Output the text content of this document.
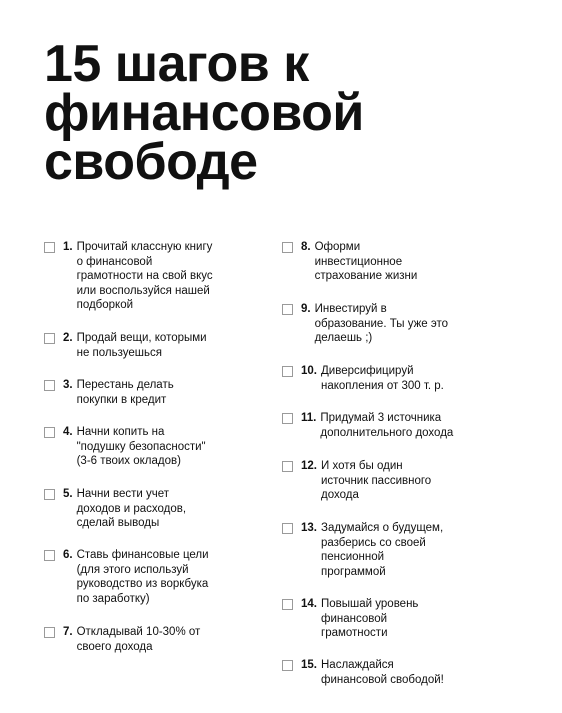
15 шагов к
финансовой
свободе
1. Прочитай классную книгу
о финансовой
грамотности на свой вкус
или воспользуйся нашей
подборкой
2. Продай вещи, которыми
не пользуешься
3. Перестань делать
покупки в кредит
4. Начни копить на
"подушку безопасности"
(3-6 твоих окладов)
5. Начни вести учет
доходов и расходов,
сделай выводы
6. Ставь финансовые цели
(для этого используй
руководство из воркбука
по заработку)
7. Откладывай 10-30% от
своего дохода
8. Оформи
инвестиционное
страхование жизни
9. Инвестируй в
образование. Ты уже это
делаешь ;)
10. Диверсифицируй
накопления от 300 т. р.
11. Придумай 3 источника
дополнительного дохода
12. И хотя бы один
источник пассивного
дохода
13. Задумайся о будущем,
разберись со своей
пенсионной
программой
14. Повышай уровень
финансовой
грамотности
15. Наслаждайся
финансовой свободой!
